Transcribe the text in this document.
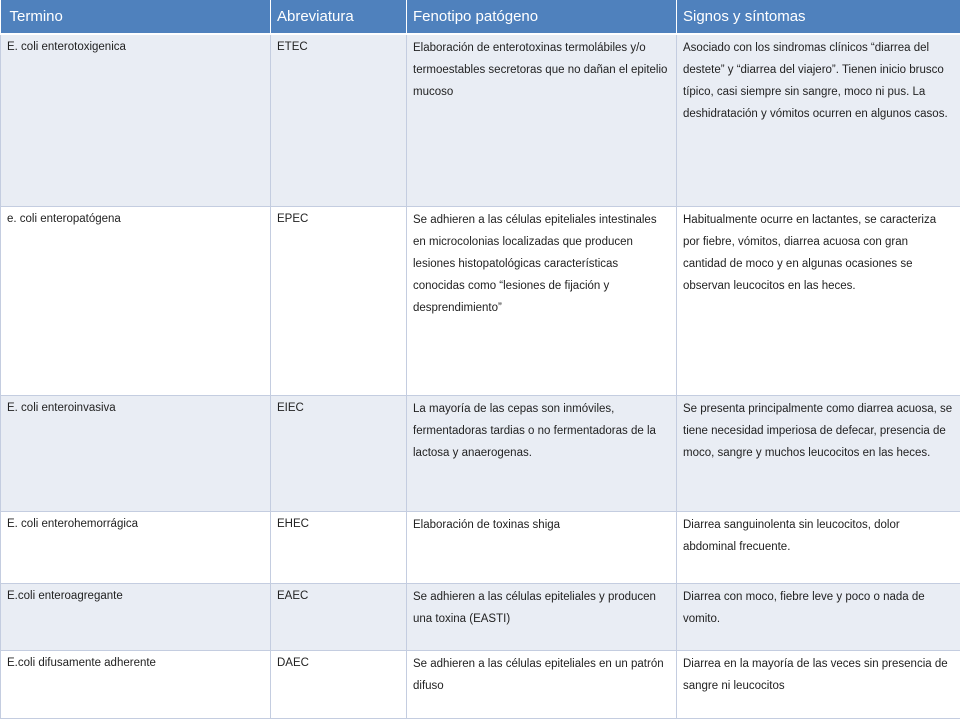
Termino	Abreviatura	Fenotipo patógeno	Signos y síntomas
E. coli enterotoxigenica	ETEC	Elaboración de enterotoxinas termolábiles y/o termoestables secretoras que no dañan el epitelio mucoso	Asociado con los sindromas clínicos “diarrea del destete” y “diarrea del viajero”. Tienen inicio brusco típico, casi siempre sin sangre, moco ni pus. La deshidratación y vómitos ocurren en algunos casos.
e. coli enteropatógena	EPEC	Se adhieren a las células epiteliales intestinales en microcolonias localizadas que producen lesiones histopatológicas características conocidas como “lesiones de fijación y desprendimiento”	Habitualmente ocurre en lactantes, se caracteriza por fiebre, vómitos, diarrea acuosa con gran cantidad de moco y en algunas ocasiones se observan leucocitos en las heces.
E. coli enteroinvasiva	EIEC	La mayoría de las cepas son inmóviles, fermentadoras tardias o no fermentadoras de la lactosa y anaerogenas.	Se presenta principalmente como diarrea acuosa, se tiene necesidad imperiosa de defecar, presencia de moco, sangre y muchos leucocitos en las heces.
E. coli enterohemorrágica	EHEC	Elaboración de toxinas shiga	Diarrea sanguinolenta sin leucocitos, dolor abdominal frecuente.
E.coli enteroagregante	EAEC	Se adhieren a las células epiteliales y producen una toxina (EASTI)	Diarrea con moco, fiebre leve y poco o nada de vomito.
E.coli difusamente adherente	DAEC	Se adhieren a las células epiteliales en un patrón difuso	Diarrea en la mayoría de las veces sin presencia de sangre ni leucocitos
